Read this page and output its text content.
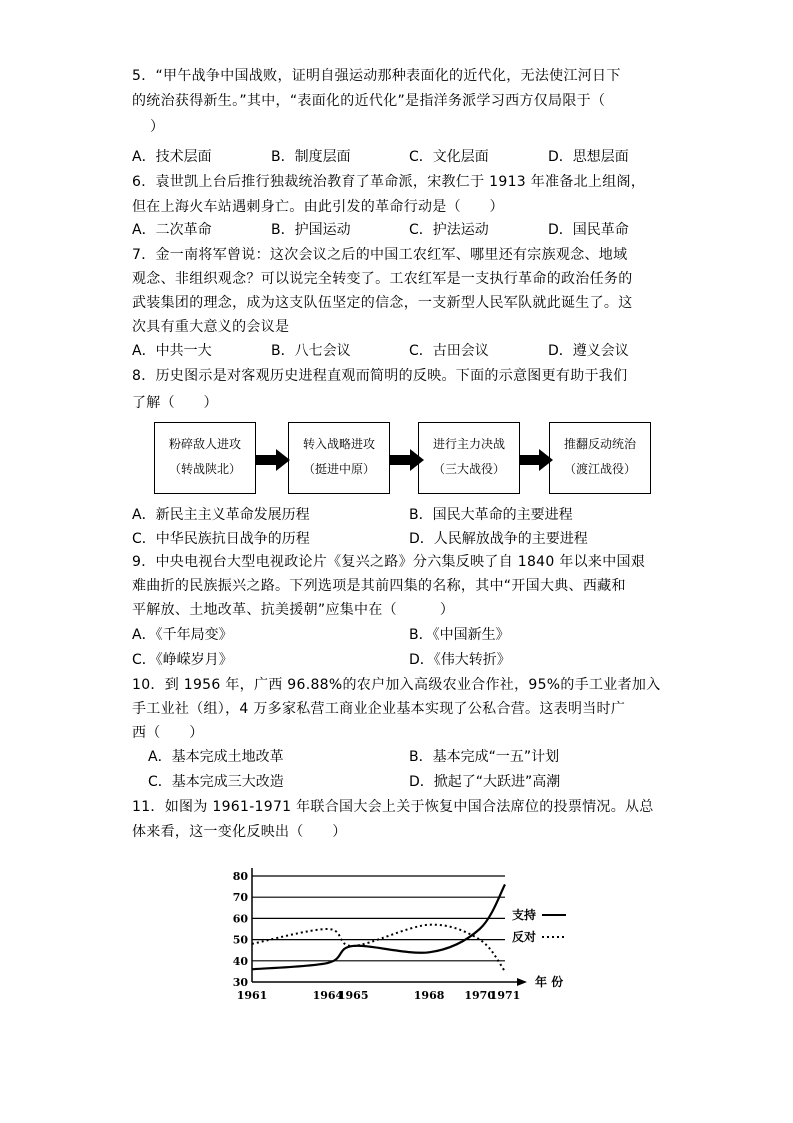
5．“甲午战争中国战败，证明自强运动那种表面化的近代化，无法使江河日下
的统治获得新生。”其中，“表面化的近代化”是指洋务派学习西方仅局限于（
）
A．技术层面	B．制度层面	C．文化层面	D．思想层面
6．袁世凯上台后推行独裁统治教育了革命派，宋教仁于 1913 年准备北上组阁，
但在上海火车站遇刺身亡。由此引发的革命行动是（　　）
A．二次革命	B．护国运动	C．护法运动	D．国民革命
7．金一南将军曾说：这次会议之后的中国工农红军、哪里还有宗族观念、地域
观念、非组织观念？可以说完全转变了。工农红军是一支执行革命的政治任务的
武装集团的理念，成为这支队伍坚定的信念，一支新型人民军队就此诞生了。这
次具有重大意义的会议是
A．中共一大	B．八七会议	C．古田会议	D．遵义会议
8．历史图示是对客观历史进程直观而简明的反映。下面的示意图更有助于我们
了解（　　）
粉碎敌人进攻
（转战陕北）
转入战略进攻
（挺进中原）
进行主力决战
（三大战役）
推翻反动统治
（渡江战役）
A．新民主主义革命发展历程	B．国民大革命的主要进程
C．中华民族抗日战争的历程	D．人民解放战争的主要进程
9．中央电视台大型电视政论片《复兴之路》分六集反映了自 1840 年以来中国艰
难曲折的民族振兴之路。下列选项是其前四集的名称，其中“开国大典、西藏和
平解放、土地改革、抗美援朝”应集中在（　　　）
A．《千年局变》	B．《中国新生》
C．《峥嵘岁月》	D．《伟大转折》
10．到 1956 年，广西 96.88%的农户加入高级农业合作社，95%的手工业者加入
手工业社（组），4 万多家私营工商业企业基本实现了公私合营。这表明当时广
西（　　）
A．基本完成土地改革	B．基本完成“一五”计划
C．基本完成三大改造	D．掀起了“大跃进”高潮
11．如图为 1961-1971 年联合国大会上关于恢复中国合法席位的投票情况。从总
体来看，这一变化反映出（　　）
30
40
50
60
70
80
年 份
1961	1964
1965	1968 1970
1971
支持
反对
